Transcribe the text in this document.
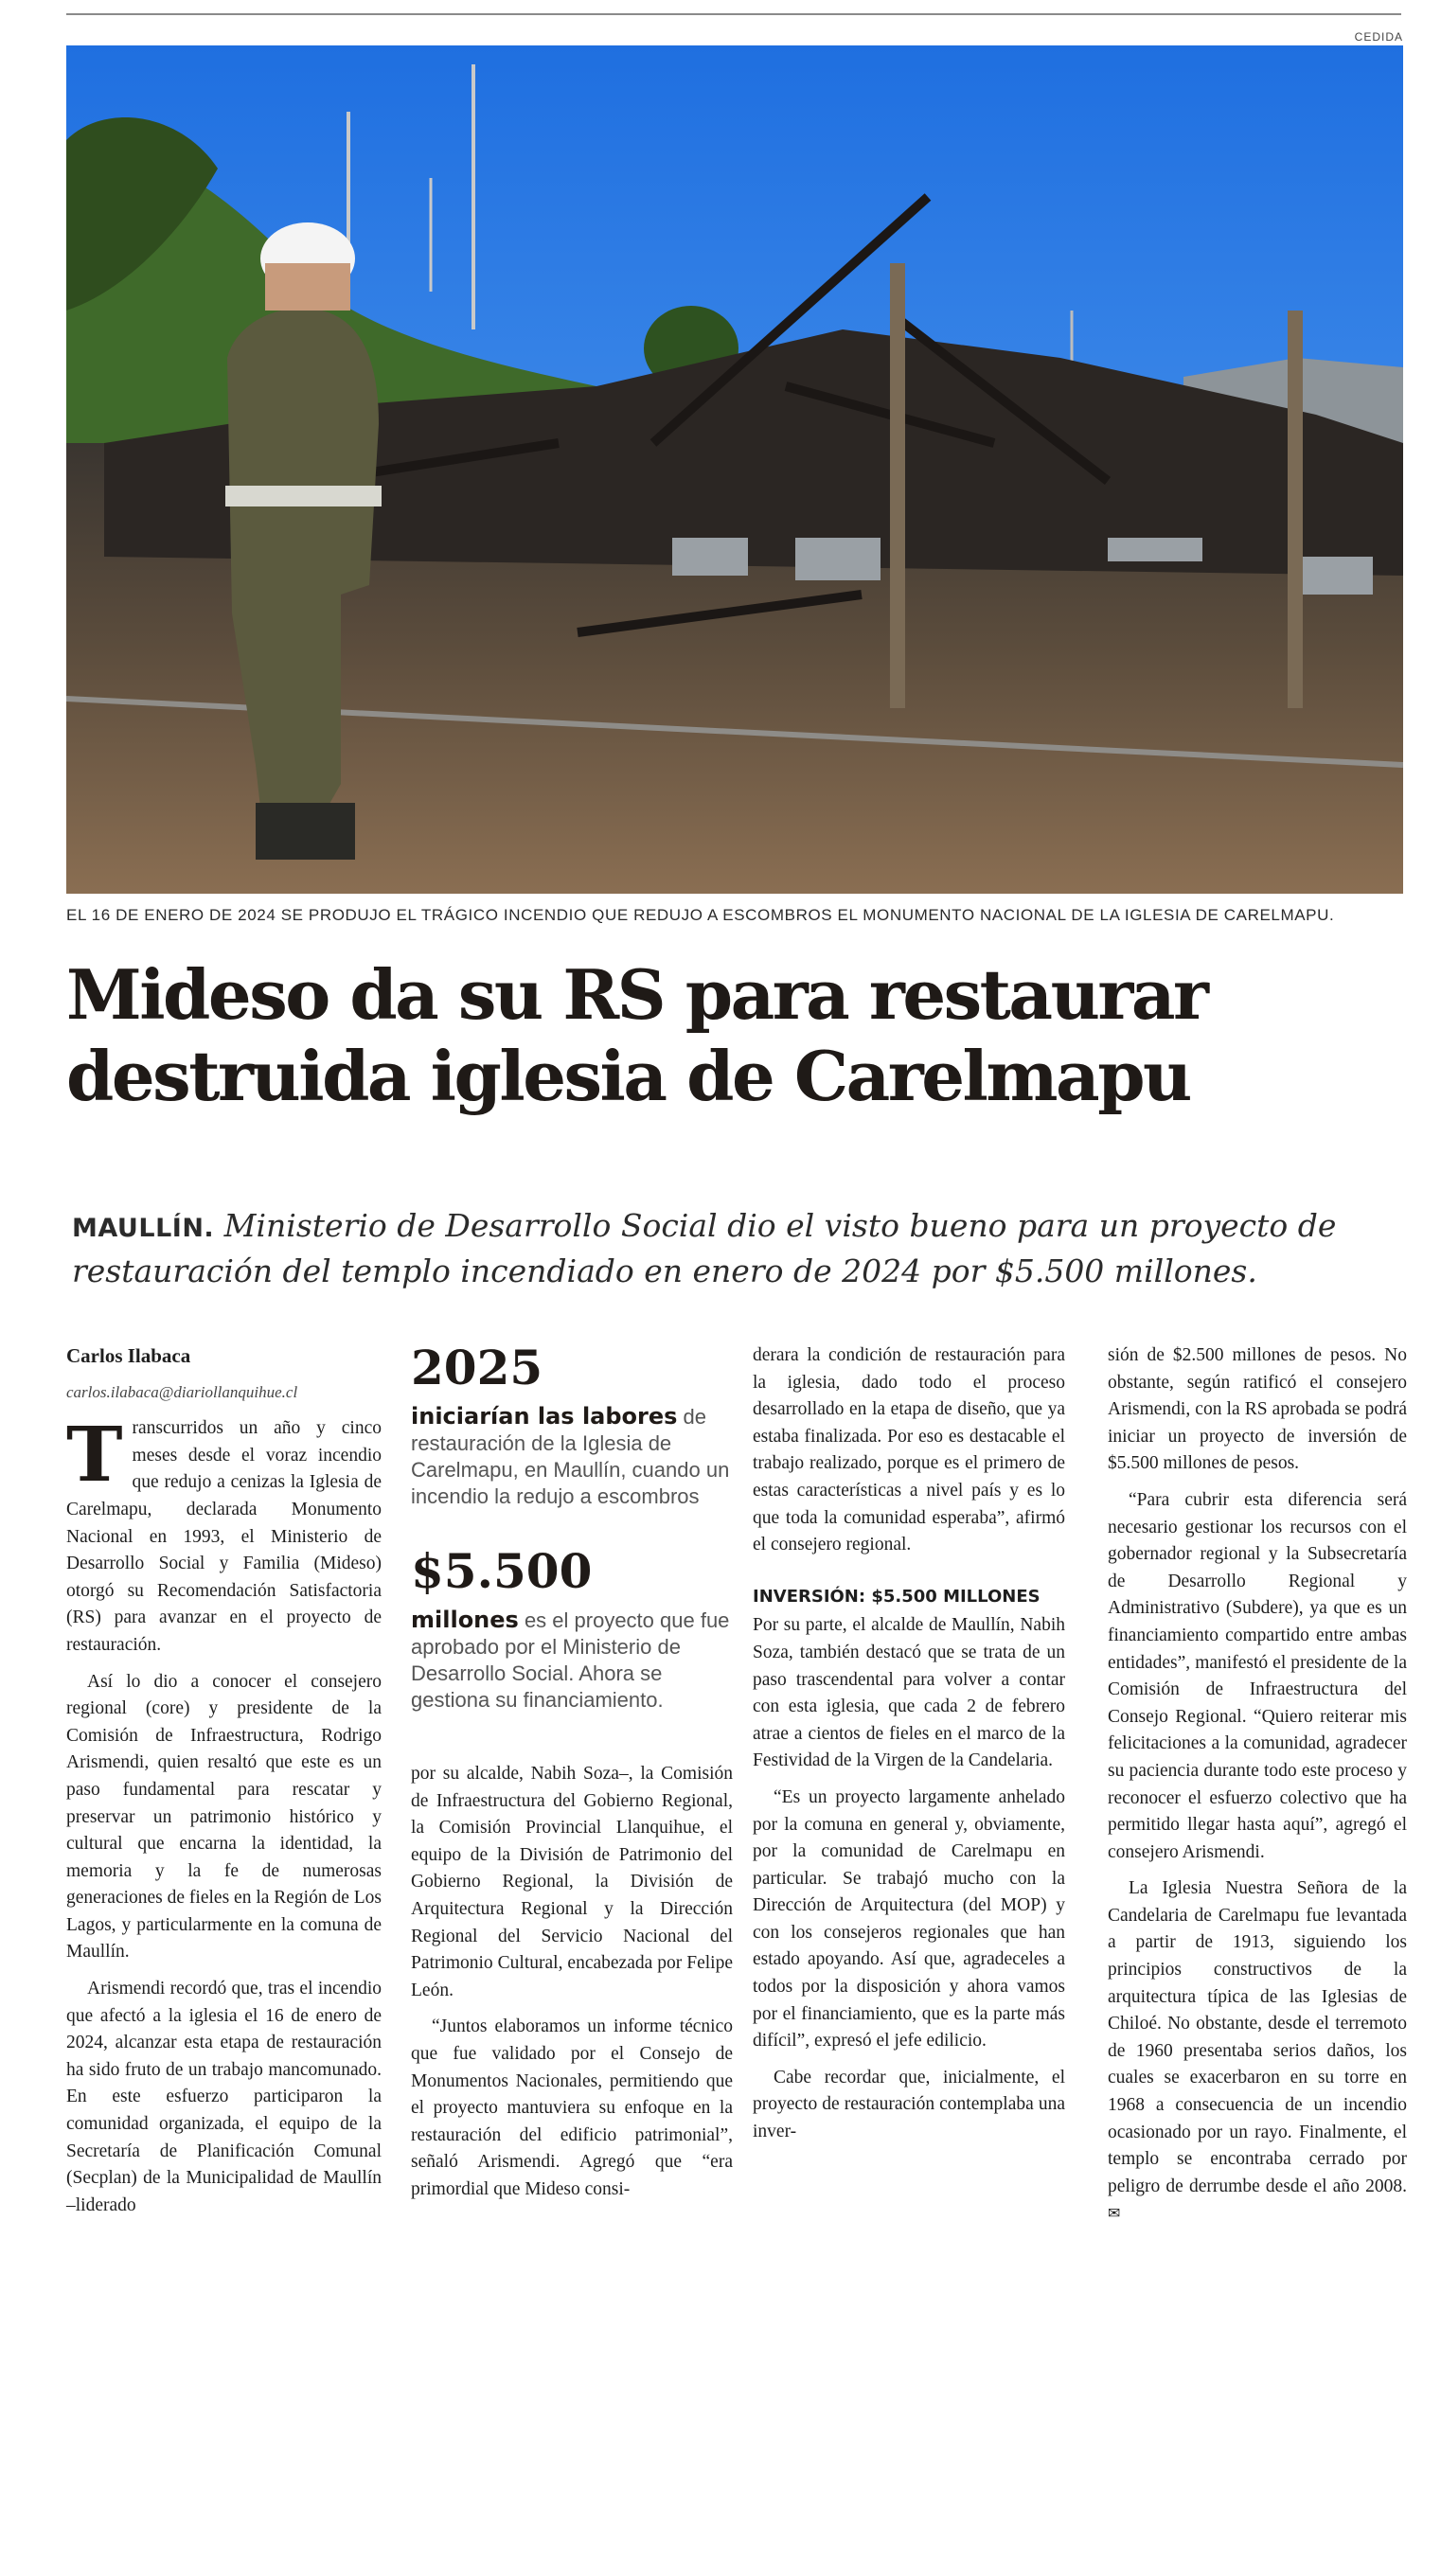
CEDIDA
EL 16 DE ENERO DE 2024 SE PRODUJO EL TRÁGICO INCENDIO QUE REDUJO A ESCOMBROS EL MONUMENTO NACIONAL DE LA IGLESIA DE CARELMAPU.
Mideso da su RS para restaurar
destruida iglesia de Carelmapu
MAULLÍN. Ministerio de Desarrollo Social dio el visto bueno para un proyecto de restauración del templo incendiado en enero de 2024 por $5.500 millones.

Carlos Ilabaca

carlos.ilabaca@diariollanquihue.cl

Transcurridos un año y cinco meses desde el voraz incendio que redujo a cenizas la Iglesia de Carelmapu, declarada Monumento Nacional en 1993, el Ministerio de Desarrollo Social y Familia (Mideso) otorgó su Recomendación Satisfactoria (RS) para avanzar en el proyecto de restauración.

Así lo dio a conocer el consejero regional (core) y presidente de la Comisión de Infraestructura, Rodrigo Arismendi, quien resaltó que este es un paso fundamental para rescatar y preservar un patrimonio histórico y cultural que encarna la identidad, la memoria y la fe de numerosas generaciones de fieles en la Región de Los Lagos, y particularmente en la comuna de Maullín.

Arismendi recordó que, tras el incendio que afectó a la iglesia el 16 de enero de 2024, alcanzar esta etapa de restauración ha sido fruto de un trabajo mancomunado. En este esfuerzo participaron la comunidad organizada, el equipo de la Secretaría de Planificación Comunal (Secplan) de la Municipalidad de Maullín –liderado

2025
iniciarían las labores de restauración de la Iglesia de Carelmapu, en Maullín, cuando un incendio la redujo a escombros
$5.500
millones es el proyecto que fue aprobado por el Ministerio de Desarrollo Social. Ahora se gestiona su financiamiento.

por su alcalde, Nabih Soza–, la Comisión de Infraestructura del Gobierno Regional, la Comisión Provincial Llanquihue, el equipo de la División de Patrimonio del Gobierno Regional, la División de Arquitectura Regional y la Dirección Regional del Servicio Nacional del Patrimonio Cultural, encabezada por Felipe León.

“Juntos elaboramos un informe técnico que fue validado por el Consejo de Monumentos Nacionales, permitiendo que el proyecto mantuviera su enfoque en la restauración del edificio patrimonial”, señaló Arismendi. Agregó que “era primordial que Mideso consi-

derara la condición de restauración para la iglesia, dado todo el proceso desarrollado en la etapa de diseño, que ya estaba finalizada. Por eso es destacable el trabajo realizado, porque es el primero de estas características a nivel país y es lo que toda la comunidad esperaba”, afirmó el consejero regional.

INVERSIÓN: $5.500 MILLONES

Por su parte, el alcalde de Maullín, Nabih Soza, también destacó que se trata de un paso trascendental para volver a contar con esta iglesia, que cada 2 de febrero atrae a cientos de fieles en el marco de la Festividad de la Virgen de la Candelaria.

“Es un proyecto largamente anhelado por la comuna en general y, obviamente, por la comunidad de Carelmapu en particular. Se trabajó mucho con la Dirección de Arquitectura (del MOP) y con los consejeros regionales que han estado apoyando. Así que, agradeceles a todos por la disposición y ahora vamos por el financiamiento, que es la parte más difícil”, expresó el jefe edilicio.

Cabe recordar que, inicialmente, el proyecto de restauración contemplaba una inver-

sión de $2.500 millones de pesos. No obstante, según ratificó el consejero Arismendi, con la RS aprobada se podrá iniciar un proyecto de inversión de $5.500 millones de pesos.

“Para cubrir esta diferencia será necesario gestionar los recursos con el gobernador regional y la Subsecretaría de Desarrollo Regional y Administrativo (Subdere), ya que es un financiamiento compartido entre ambas entidades”, manifestó el presidente de la Comisión de Infraestructura del Consejo Regional. “Quiero reiterar mis felicitaciones a la comunidad, agradecer su paciencia durante todo este proceso y reconocer el esfuerzo colectivo que ha permitido llegar hasta aquí”, agregó el consejero Arismendi.

La Iglesia Nuestra Señora de la Candelaria de Carelmapu fue levantada a partir de 1913, siguiendo los principios constructivos de la arquitectura típica de las Iglesias de Chiloé. No obstante, desde el terremoto de 1960 presentaba serios daños, los cuales se exacerbaron en su torre en 1968 a consecuencia de un incendio ocasionado por un rayo. Finalmente, el templo se encontraba cerrado por peligro de derrumbe desde el año 2008. ✉
